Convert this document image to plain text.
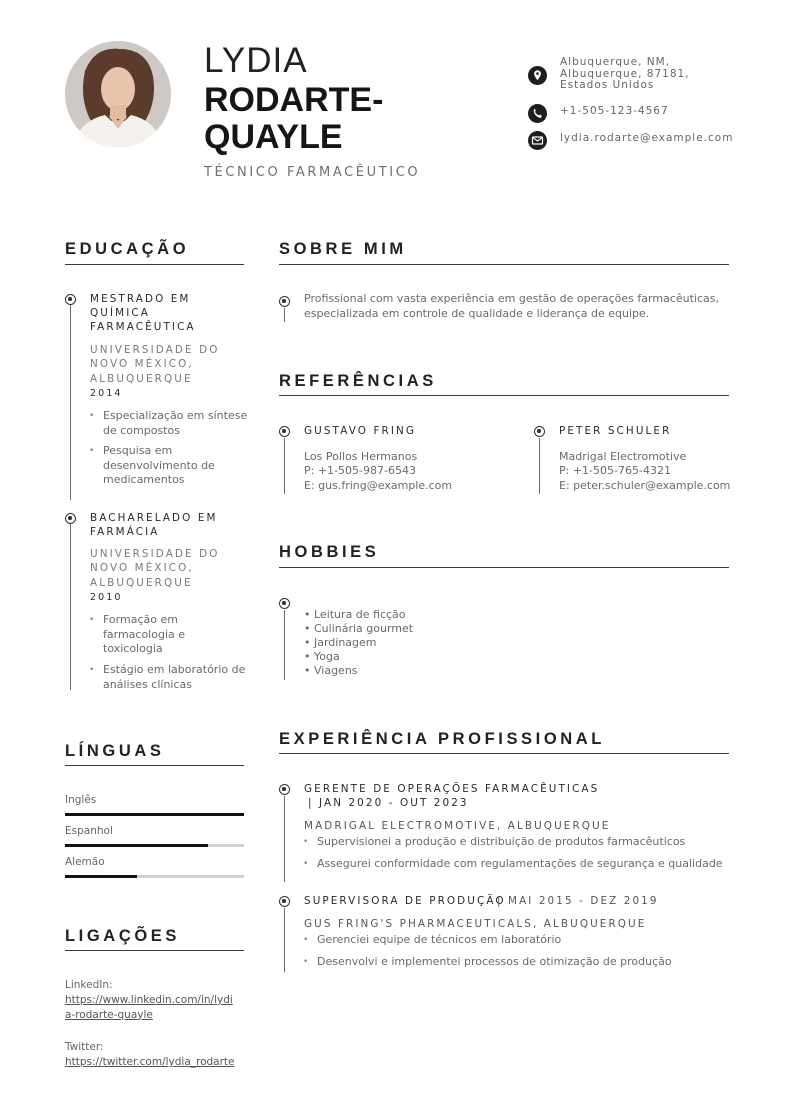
LYDIA
RODARTE-
QUAYLE
TÉCNICO FARMACÊUTICO
Albuquerque, NM,
Albuquerque, 87181,
Estados Unidos
+1-505-123-4567
lydia.rodarte@example.com
EDUCAÇÃO
MESTRADO EM
QUÍMICA
FARMACÊUTICA
UNIVERSIDADE DO
NOVO MÉXICO,
ALBUQUERQUE
2014
• Especialização em síntese
de compostos
• Pesquisa em
desenvolvimento de
medicamentos
BACHARELADO EM
FARMÁCIA
UNIVERSIDADE DO
NOVO MÉXICO,
ALBUQUERQUE
2010
• Formação em
farmacologia e
toxicologia
• Estágio em laboratório de
análises clínicas
LÍNGUAS
Inglês
Espanhol
Alemão
LIGAÇÕES
LinkedIn:
https://www.linkedin.com/in/lydi
a-rodarte-quayle
Twitter:
https://twitter.com/lydia_rodarte
SOBRE MIM
Profissional com vasta experiência em gestão de operações farmacêuticas,
especializada em controle de qualidade e liderança de equipe.
REFERÊNCIAS
GUSTAVO FRING
Los Pollos Hermanos
P: +1-505-987-6543
E: gus.fring@example.com
PETER SCHULER
Madrigal Electromotive
P: +1-505-765-4321
E: peter.schuler@example.com
HOBBIES
• Leitura de ficção
• Culinária gourmet
• Jardinagem
• Yoga
• Viagens
EXPERIÊNCIA PROFISSIONAL
GERENTE DE OPERAÇÕES FARMACÊUTICAS
| JAN 2020 - OUT 2023
MADRIGAL ELECTROMOTIVE, ALBUQUERQUE
• Supervisionei a produção e distribuição de produtos farmacêuticos
• Assegurei conformidade com regulamentações de segurança e qualidade
SUPERVISORA DE PRODUÇÃO
| MAI 2015 - DEZ 2019
GUS FRING'S PHARMACEUTICALS, ALBUQUERQUE
• Gerenciei equipe de técnicos em laboratório
• Desenvolvi e implementei processos de otimização de produção
